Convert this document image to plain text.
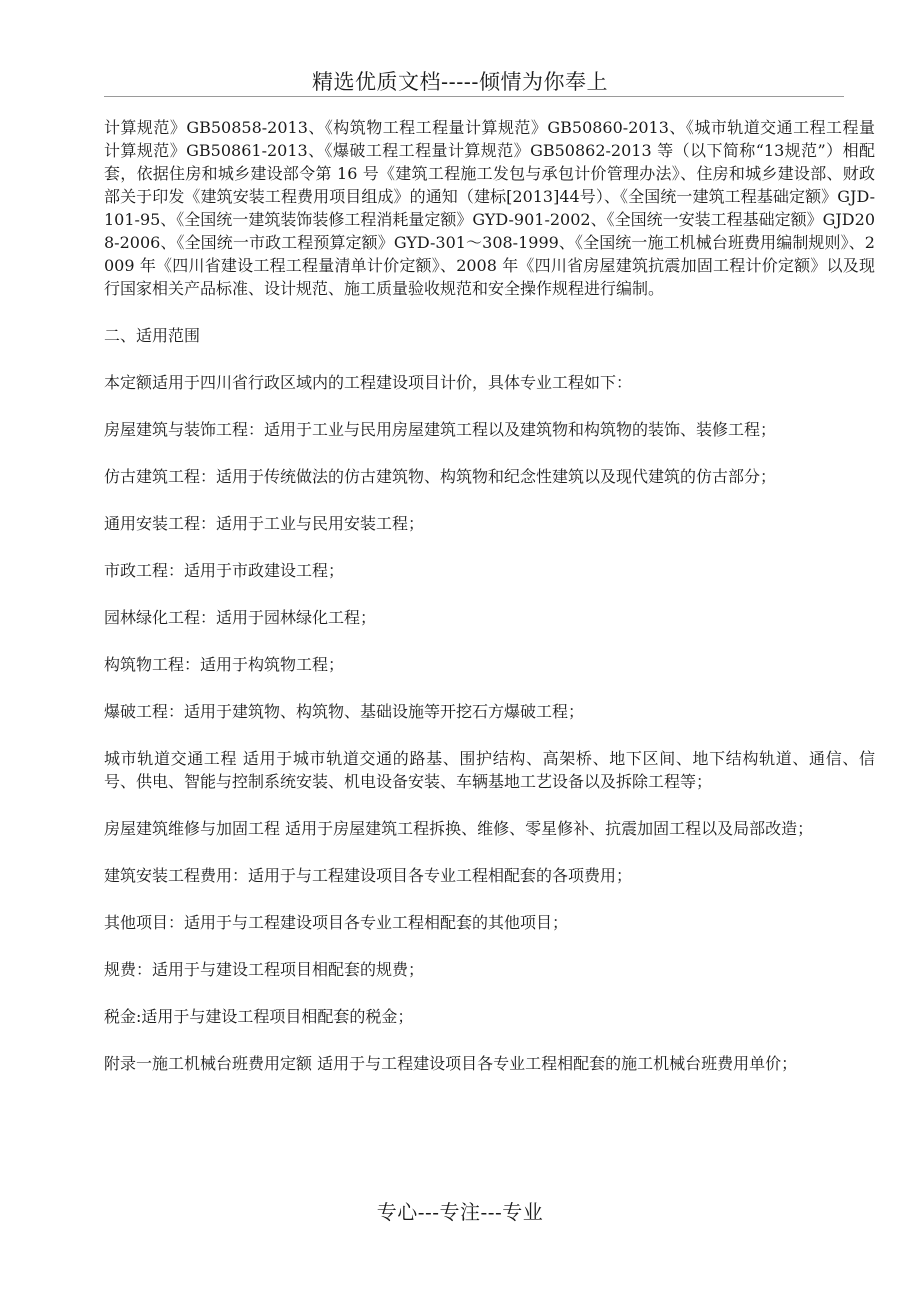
精选优质文档-----倾情为你奉上

计算规范》GB50858-2013、《构筑物工程工程量计算规范》GB50860-2013、《城市轨道交通工程工程量计算规范》GB50861-2013、《爆破工程工程量计算规范》GB50862-2013 等（以下简称“13规范”）相配套，依据住房和城乡建设部令第 16 号《建筑工程施工发包与承包计价管理办法》、住房和城乡建设部、财政部关于印发《建筑安装工程费用项目组成》的通知（建标[2013]44号）、《全国统一建筑工程基础定额》GJD-101-95、《全国统一建筑装饰装修工程消耗量定额》GYD-901-2002、《全国统一安装工程基础定额》GJD208-2006、《全国统一市政工程预算定额》GYD-301～308-1999、《全国统一施工机械台班费用编制规则》、2009 年《四川省建设工程工程量清单计价定额》、2008 年《四川省房屋建筑抗震加固工程计价定额》以及现行国家相关产品标准、设计规范、施工质量验收规范和安全操作规程进行编制。

二、适用范围

本定额适用于四川省行政区域内的工程建设项目计价，具体专业工程如下：

房屋建筑与装饰工程：适用于工业与民用房屋建筑工程以及建筑物和构筑物的装饰、装修工程；

仿古建筑工程：适用于传统做法的仿古建筑物、构筑物和纪念性建筑以及现代建筑的仿古部分；

通用安装工程：适用于工业与民用安装工程；

市政工程：适用于市政建设工程；

园林绿化工程：适用于园林绿化工程；

构筑物工程：适用于构筑物工程；

爆破工程：适用于建筑物、构筑物、基础设施等开挖石方爆破工程；

城市轨道交通工程 适用于城市轨道交通的路基、围护结构、高架桥、地下区间、地下结构轨道、通信、信号、供电、智能与控制系统安装、机电设备安装、车辆基地工艺设备以及拆除工程等；

房屋建筑维修与加固工程 适用于房屋建筑工程拆换、维修、零星修补、抗震加固工程以及局部改造；

建筑安装工程费用：适用于与工程建设项目各专业工程相配套的各项费用；

其他项目：适用于与工程建设项目各专业工程相配套的其他项目；

规费：适用于与建设工程项目相配套的规费；

税金:适用于与建设工程项目相配套的税金；

附录一施工机械台班费用定额 适用于与工程建设项目各专业工程相配套的施工机械台班费用单价；

专心---专注---专业
